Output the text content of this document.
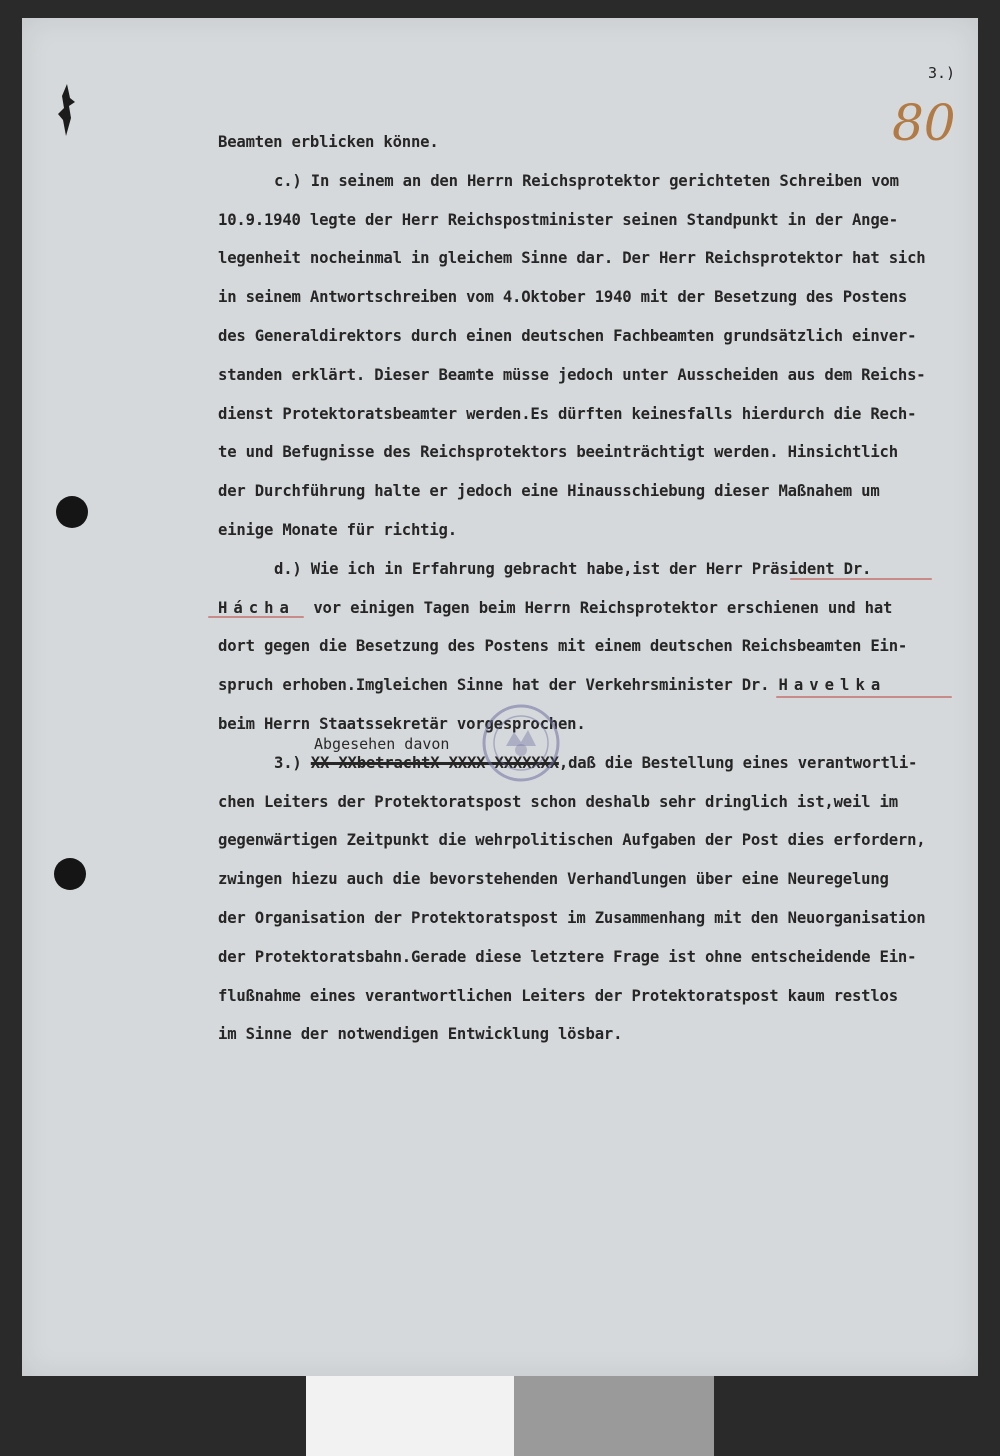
3.)

80
Beamten erblicken könne.
c.) In seinem an den Herrn Reichsprotektor gerichteten Schreiben vom
10.9.1940 legte der Herr Reichspostminister seinen Standpunkt in der Ange-
legenheit nocheinmal in gleichem Sinne dar. Der Herr Reichsprotektor hat sich
in seinem Antwortschreiben vom 4.Oktober 1940 mit der Besetzung des Postens
des Generaldirektors durch einen deutschen Fachbeamten grundsätzlich einver-
standen erklärt. Dieser Beamte müsse jedoch unter Ausscheiden aus dem Reichs-
dienst Protektoratsbeamter werden.Es dürften keinesfalls hierdurch die Rech-
te und Befugnisse des Reichsprotektors beeinträchtigt werden. Hinsichtlich
der Durchführung halte er jedoch eine Hinausschiebung dieser Maßnahem um
einige Monate für richtig.
d.) Wie ich in Erfahrung gebracht habe,ist der Herr Präsident Dr.
Hácha vor einigen Tagen beim Herrn Reichsprotektor erschienen und hat
dort gegen die Besetzung des Postens mit einem deutschen Reichsbeamten Ein-
spruch erhoben.Imgleichen Sinne hat der Verkehrsminister Dr. Havelka
beim Herrn Staatssekretär vorgesprochen.
3.) XX XXbetrachtX XXXX XXXXXXX,daß die Bestellung eines verantwortli-
chen Leiters der Protektoratspost schon deshalb sehr dringlich ist,weil im
gegenwärtigen Zeitpunkt die wehrpolitischen Aufgaben der Post dies erfordern,
zwingen hiezu auch die bevorstehenden Verhandlungen über eine Neuregelung
der Organisation der Protektoratspost im Zusammenhang mit den Neuorganisation
der Protektoratsbahn.Gerade diese letztere Frage ist ohne entscheidende Ein-
flußnahme eines verantwortlichen Leiters der Protektoratspost kaum restlos
im Sinne der notwendigen Entwicklung lösbar.
Abgesehen davon
